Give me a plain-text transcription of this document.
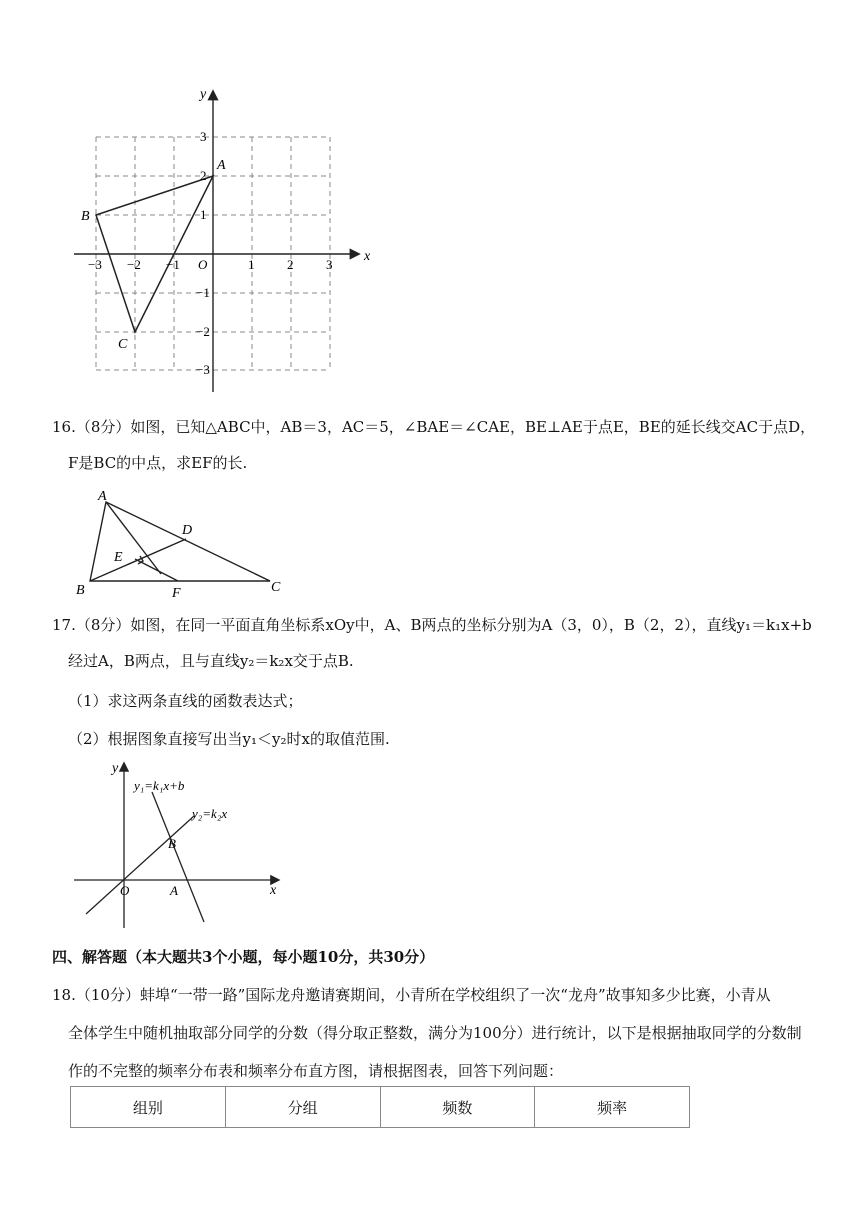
x
y
O
−3 −2 −1	1	2	3
3
2
1
−1
−2
−3
A
B
C
16.（8分）如图，已知△ABC中，AB＝3，AC＝5，∠BAE＝∠CAE，BE⊥AE于点E，BE的延长线交AC于点D，
F是BC的中点，求EF的长.
A
B	C
D
E
F
17.（8分）如图，在同一平面直角坐标系xOy中，A、B两点的坐标分别为A（3，0），B（2，2），直线y₁＝k₁x+b
经过A，B两点，且与直线y₂＝k₂x交于点B.
（1）求这两条直线的函数表达式；
（2）根据图象直接写出当y₁＜y₂时x的取值范围.
x
y
O	A
B
y₁=k₁x+b
y₂=k₂x
四、解答题（本大题共3个小题，每小题10分，共30分）
18.（10分）蚌埠“一带一路”国际龙舟邀请赛期间，小青所在学校组织了一次“龙舟”故事知多少比赛，小青从
全体学生中随机抽取部分同学的分数（得分取正整数，满分为100分）进行统计，以下是根据抽取同学的分数制
作的不完整的频率分布表和频率分布直方图，请根据图表，回答下列问题：
组别	分组	频数	频率
